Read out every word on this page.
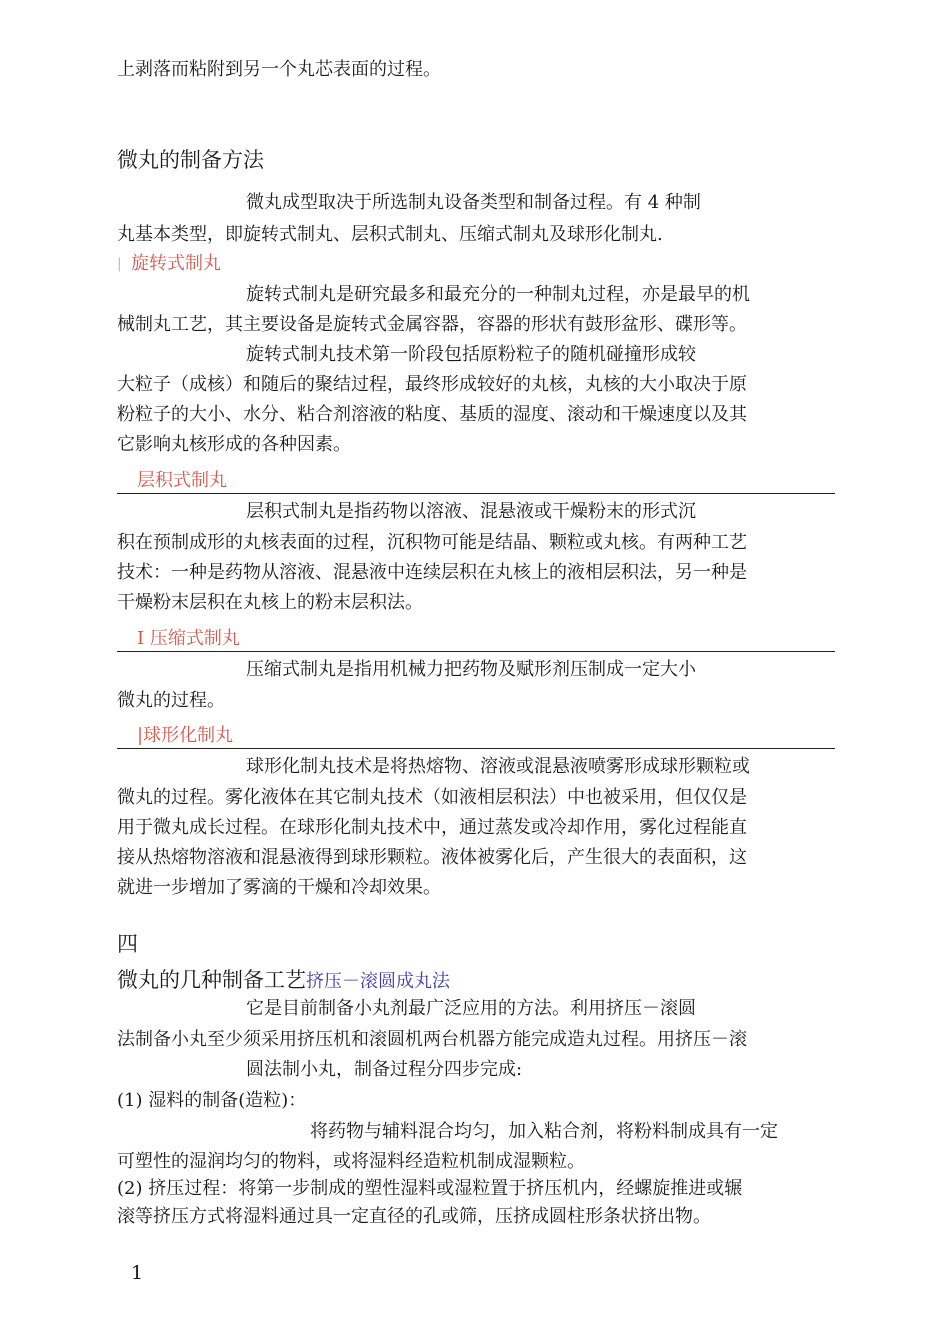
上剥落而粘附到另一个丸芯表面的过程。
微丸的制备方法
微丸成型取决于所选制丸设备类型和制备过程。有 4 种制
丸基本类型，即旋转式制丸、层积式制丸、压缩式制丸及球形化制丸.
| 旋转式制丸
旋转式制丸是研究最多和最充分的一种制丸过程，亦是最早的机
械制丸工艺，其主要设备是旋转式金属容器，容器的形状有鼓形盆形、碟形等。
旋转式制丸技术第一阶段包括原粉粒子的随机碰撞形成较
大粒子（成核）和随后的聚结过程，最终形成较好的丸核，丸核的大小取决于原
粉粒子的大小、水分、粘合剂溶液的粘度、基质的湿度、滚动和干燥速度以及其
它影响丸核形成的各种因素。
层积式制丸
层积式制丸是指药物以溶液、混悬液或干燥粉末的形式沉
积在预制成形的丸核表面的过程，沉积物可能是结晶、颗粒或丸核。有两种工艺
技术：一种是药物从溶液、混悬液中连续层积在丸核上的液相层积法，另一种是
干燥粉末层积在丸核上的粉末层积法。
I 压缩式制丸
压缩式制丸是指用机械力把药物及赋形剂压制成一定大小
微丸的过程。
|球形化制丸
球形化制丸技术是将热熔物、溶液或混悬液喷雾形成球形颗粒或
微丸的过程。雾化液体在其它制丸技术（如液相层积法）中也被采用，但仅仅是
用于微丸成长过程。在球形化制丸技术中，通过蒸发或冷却作用，雾化过程能直
接从热熔物溶液和混悬液得到球形颗粒。液体被雾化后，产生很大的表面积，这
就进一步增加了雾滴的干燥和冷却效果。
四
微丸的几种制备工艺挤压－滚圆成丸法
它是目前制备小丸剂最广泛应用的方法。利用挤压－滚圆
法制备小丸至少须采用挤压机和滚圆机两台机器方能完成造丸过程。用挤压－滚
圆法制小丸，制备过程分四步完成:
(1) 湿料的制备(造粒)：
将药物与辅料混合均匀，加入粘合剂，将粉料制成具有一定
可塑性的湿润均匀的物料，或将湿料经造粒机制成湿颗粒。
(2) 挤压过程：将第一步制成的塑性湿料或湿粒置于挤压机内，经螺旋推进或辗
滚等挤压方式将湿料通过具一定直径的孔或筛，压挤成圆柱形条状挤出物。
1
